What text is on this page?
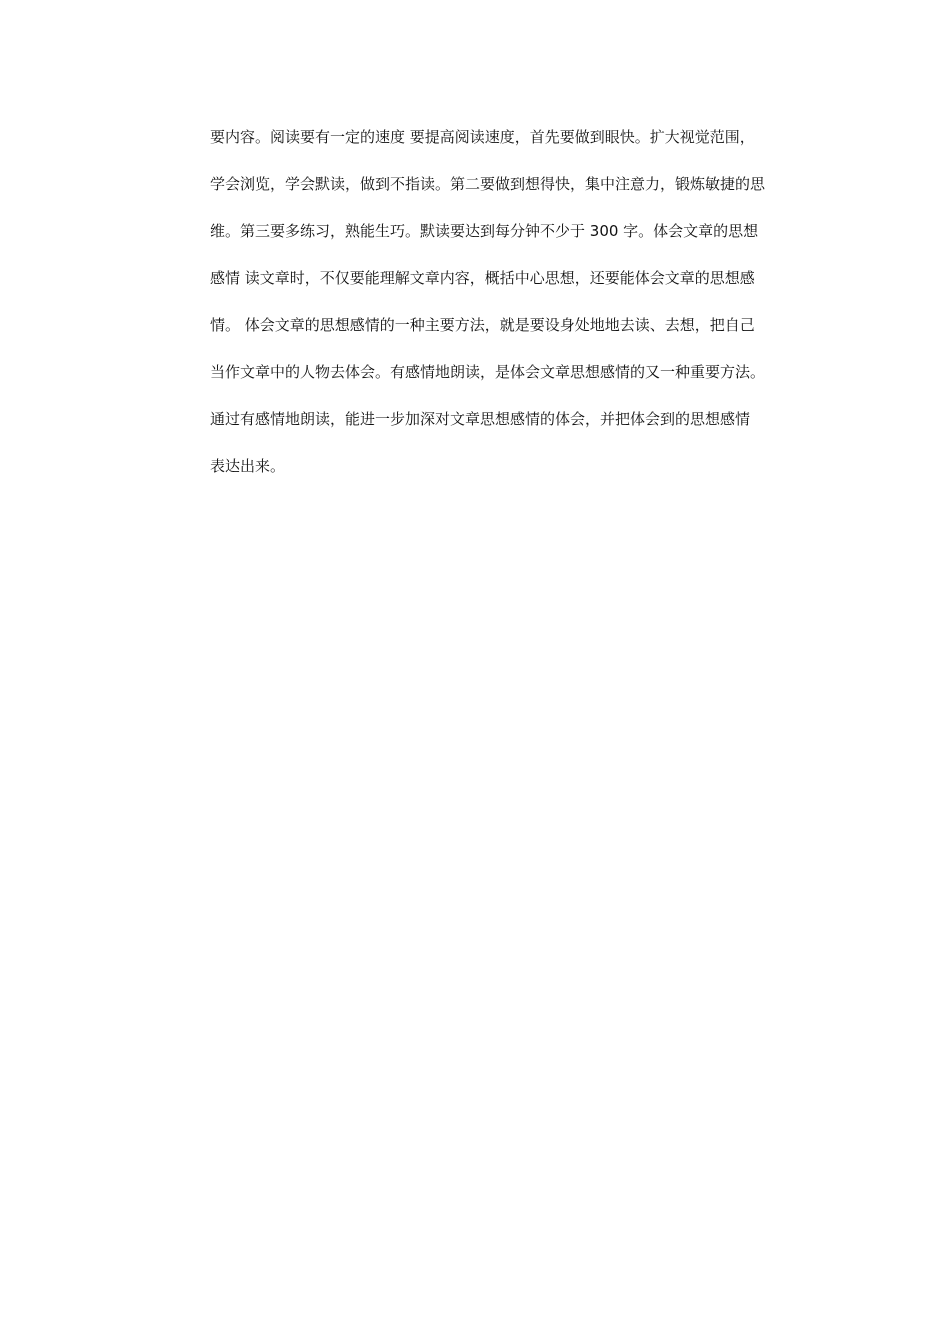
要内容。阅读要有一定的速度 要提高阅读速度，首先要做到眼快。扩大视觉范围，
学会浏览，学会默读，做到不指读。第二要做到想得快，集中注意力，锻炼敏捷的思
维。第三要多练习，熟能生巧。默读要达到每分钟不少于 300 字。体会文章的思想
感情 读文章时，不仅要能理解文章内容，概括中心思想，还要能体会文章的思想感
情。 体会文章的思想感情的一种主要方法，就是要设身处地地去读、去想，把自己
当作文章中的人物去体会。有感情地朗读，是体会文章思想感情的又一种重要方法。
通过有感情地朗读，能进一步加深对文章思想感情的体会，并把体会到的思想感情
表达出来。
